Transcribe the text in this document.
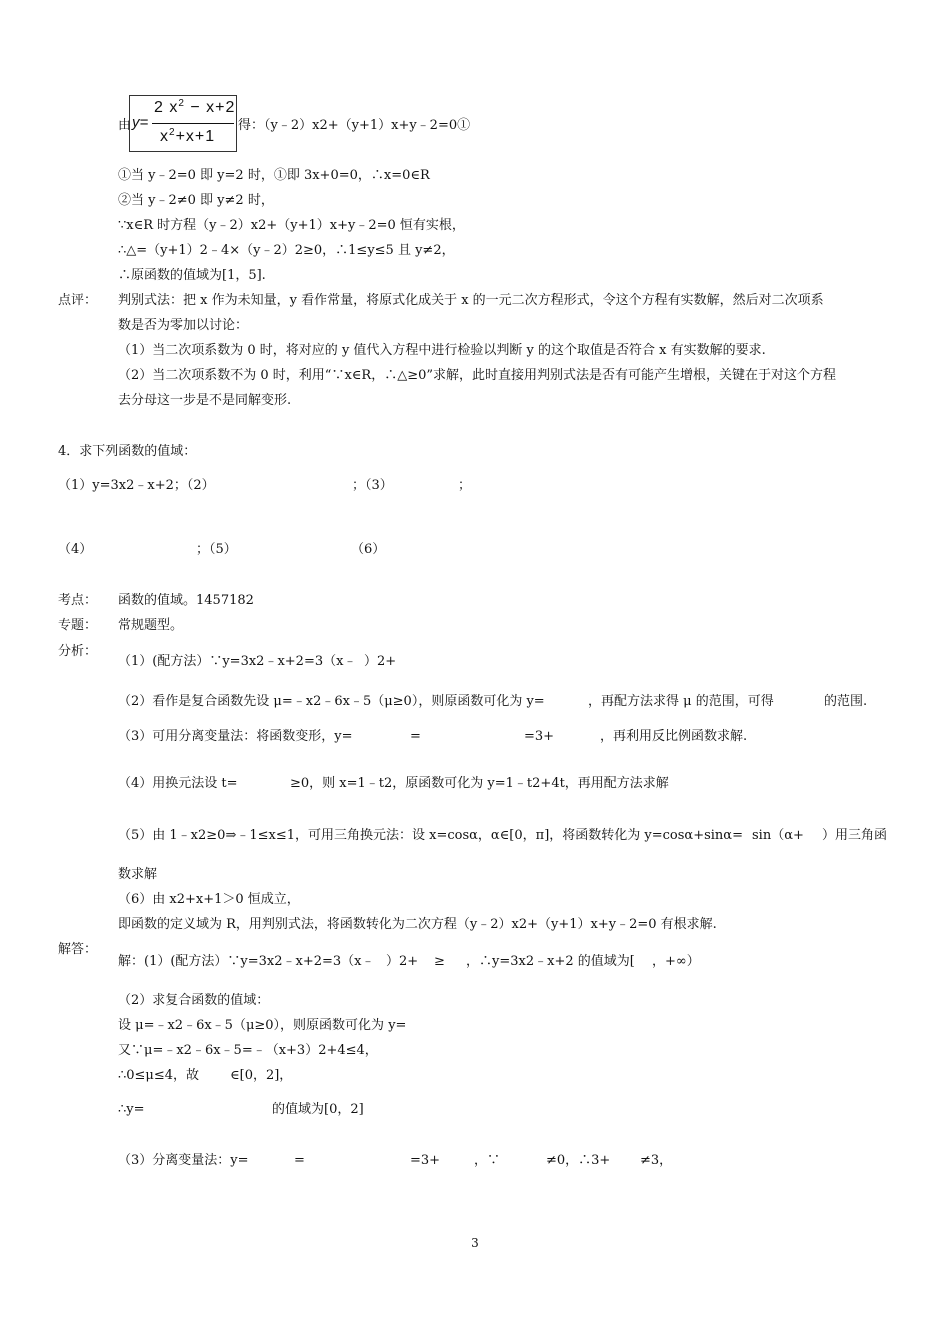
由 y=
2 $x^2 - x+2$
$x^2+x+1$
得：（y﹣2）x2+（y+1）x+y﹣2=0①
①当 y﹣2=0 即 y=2 时，①即 3x+0=0，∴x=0∈R
②当 y﹣2≠0 即 y≠2 时，
∵x∈R 时方程（y﹣2）x2+（y+1）x+y﹣2=0 恒有实根，
∴△=（y+1）2﹣4×（y﹣2）2≥0，∴1≤y≤5 且 y≠2，
∴原函数的值域为[1，5].
点评： 判别式法：把 x 作为未知量，y 看作常量，将原式化成关于 x 的一元二次方程形式，令这个方程有实数解，然后对二次项系
数是否为零加以讨论：
（1）当二次项系数为 0 时，将对应的 y 值代入方程中进行检验以判断 y 的这个取值是否符合 x 有实数解的要求.
（2）当二次项系数不为 0 时，利用“∵x∈R，∴△≥0”求解，此时直接用判别式法是否有可能产生增根，关键在于对这个方程
去分母这一步是不是同解变形.
4．求下列函数的值域：
（1）y=3x2﹣x+2；（2）	；（3）	；
（4）	；（5）	（6）
考点： 函数的值域。1457182
专题： 常规题型。
分析：
（1）(配方法）∵y=3x2﹣x+2=3（x﹣ ）2+
（2）看作是复合函数先设 μ=﹣x2﹣6x﹣5（μ≥0），则原函数可化为 y=	，再配方法求得 μ 的范围，可得	的范围.
（3）可用分离变量法：将函数变形，y=	=	=3+	，再利用反比例函数求解.
（4）用换元法设 t=	≥0，则 x=1﹣t2，原函数可化为 y=1﹣t2+4t，再用配方法求解
（5）由 1﹣x2≥0⇒﹣1≤x≤1，可用三角换元法：设 x=cosα，α∈[0，π]，将函数转化为 y=cosα+sinα= sin（α+ ）用三角函
数求解
（6）由 x2+x+1＞0 恒成立，
即函数的定义域为 R，用判别式法，将函数转化为二次方程（y﹣2）x2+（y+1）x+y﹣2=0 有根求解.
解答：
解：(1）(配方法）∵y=3x2﹣x+2=3（x﹣ ）2+ ≥ ，∴y=3x2﹣x+2 的值域为[ ，+∞）
（2）求复合函数的值域：
设 μ=﹣x2﹣6x﹣5（μ≥0），则原函数可化为 y=
又∵μ=﹣x2﹣6x﹣5=﹣（x+3）2+4≤4，
∴0≤μ≤4，故 ∈[0，2]，
∴y=	的值域为[0，2]
（3）分离变量法：y=	=	=3+	，∵	≠0，∴3+ ≠3，
3
